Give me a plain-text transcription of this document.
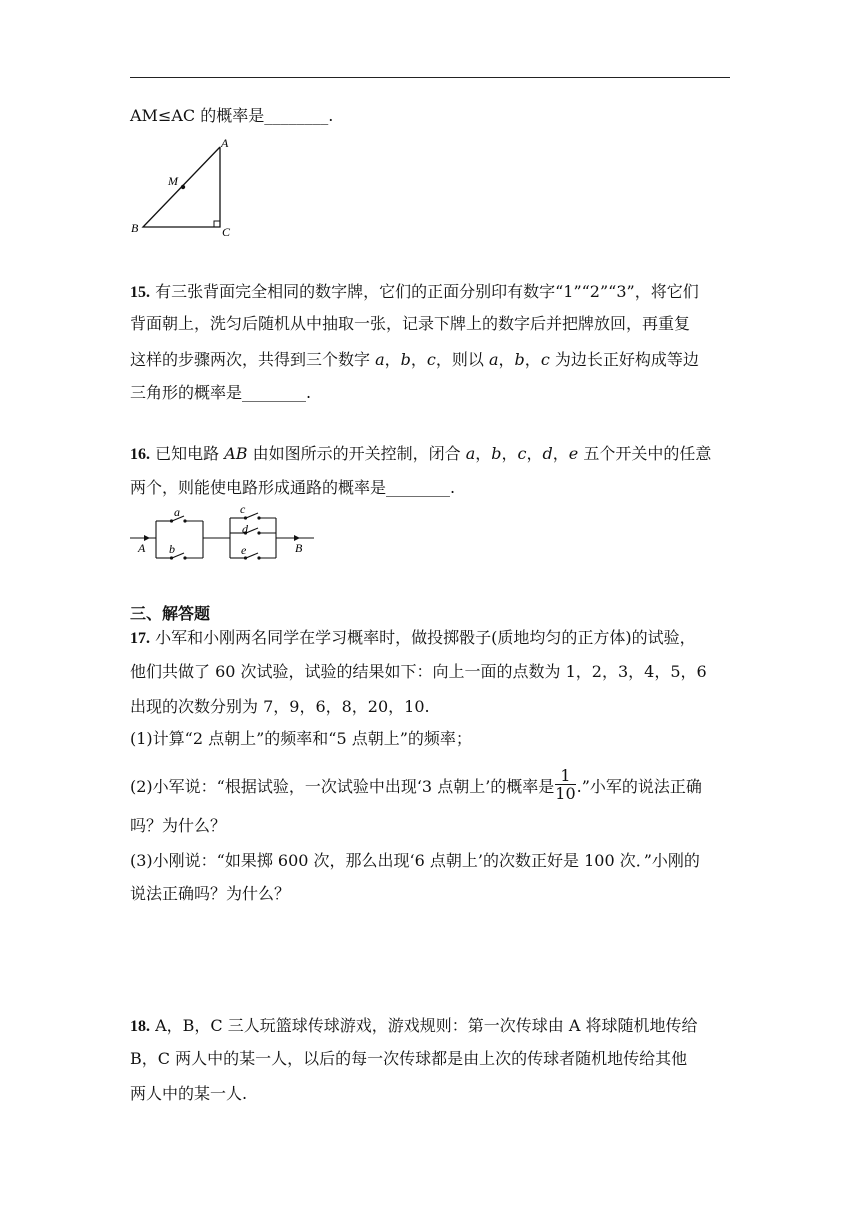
AM≤AC 的概率是________.
A
M
B	C
15. 有三张背面完全相同的数字牌，它们的正面分别印有数字“1”“2”“3”，将它们
背面朝上，洗匀后随机从中抽取一张，记录下牌上的数字后并把牌放回，再重复
这样的步骤两次，共得到三个数字 a，b，c，则以 a，b，c 为边长正好构成等边
三角形的概率是________.
16. 已知电路 AB 由如图所示的开关控制，闭合 a，b，c，d，e 五个开关中的任意
两个，则能使电路形成通路的概率是________.
A	B
a
b
c
d
e
三、解答题
17. 小军和小刚两名同学在学习概率时，做投掷骰子(质地均匀的正方体)的试验，
他们共做了 60 次试验，试验的结果如下：向上一面的点数为 1，2，3，4，5，6
出现的次数分别为 7，9，6，8，20，10.
(1)计算“2 点朝上”的频率和“5 点朝上”的频率；
(2)小军说：“根据试验，一次试验中出现‘3 点朝上’的概率是 $\frac{1}{10}$ .”小军的说法正确
吗？为什么？
(3)小刚说：“如果掷 600 次，那么出现‘6 点朝上’的次数正好是 100 次．”小刚的
说法正确吗？为什么？
18. A，B，C 三人玩篮球传球游戏，游戏规则：第一次传球由 A 将球随机地传给
B，C 两人中的某一人，以后的每一次传球都是由上次的传球者随机地传给其他
两人中的某一人.
